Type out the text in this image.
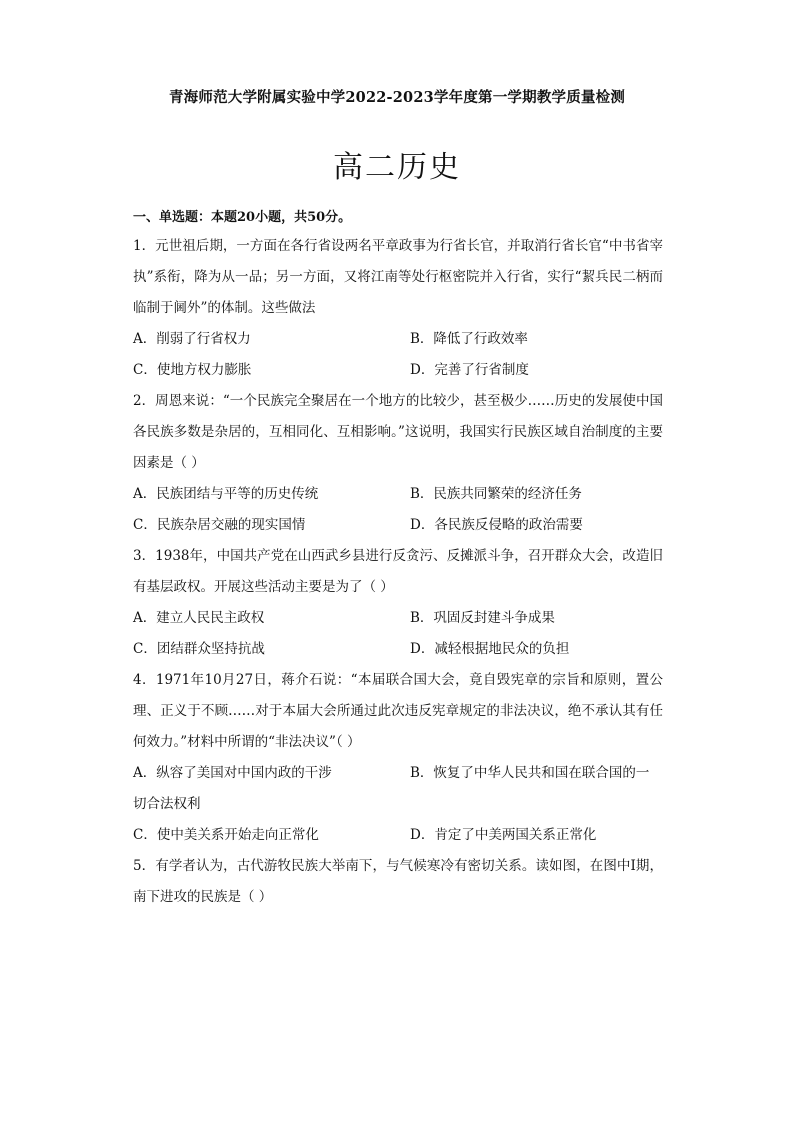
青海师范大学附属实验中学2022-2023学年度第一学期教学质量检测
高二历史
一、单选题：本题20小题，共50分。
1．元世祖后期，一方面在各行省设两名平章政事为行省长官，并取消行省长官“中书省宰执”系衔，降为从一品；另一方面，又将江南等处行枢密院并入行省，实行“絜兵民二柄而临制于阃外”的体制。这些做法
A．削弱了行省权力	B．降低了行政效率
C．使地方权力膨胀	D．完善了行省制度
2．周恩来说：“一个民族完全聚居在一个地方的比较少，甚至极少……历史的发展使中国各民族多数是杂居的，互相同化、互相影响。”这说明，我国实行民族区域自治制度的主要因素是（ ）
A．民族团结与平等的历史传统	B．民族共同繁荣的经济任务
C．民族杂居交融的现实国情	D．各民族反侵略的政治需要
3．1938年，中国共产党在山西武乡县进行反贪污、反摊派斗争，召开群众大会，改造旧有基层政权。开展这些活动主要是为了（ ）
A．建立人民民主政权	B．巩固反封建斗争成果
C．团结群众坚持抗战	D．减轻根据地民众的负担
4．1971年10月27日，蒋介石说：“本届联合国大会，竟自毁宪章的宗旨和原则，置公理、正义于不顾……对于本届大会所通过此次违反宪章规定的非法决议，绝不承认其有任何效力。”材料中所谓的“非法决议”（ ）
A．纵容了美国对中国内政的干涉	B．恢复了中华人民共和国在联合国的一
切合法权利
C．使中美关系开始走向正常化	D．肯定了中美两国关系正常化
5．有学者认为，古代游牧民族大举南下，与气候寒冷有密切关系。读如图，在图中Ⅰ期，南下进攻的民族是（ ）
